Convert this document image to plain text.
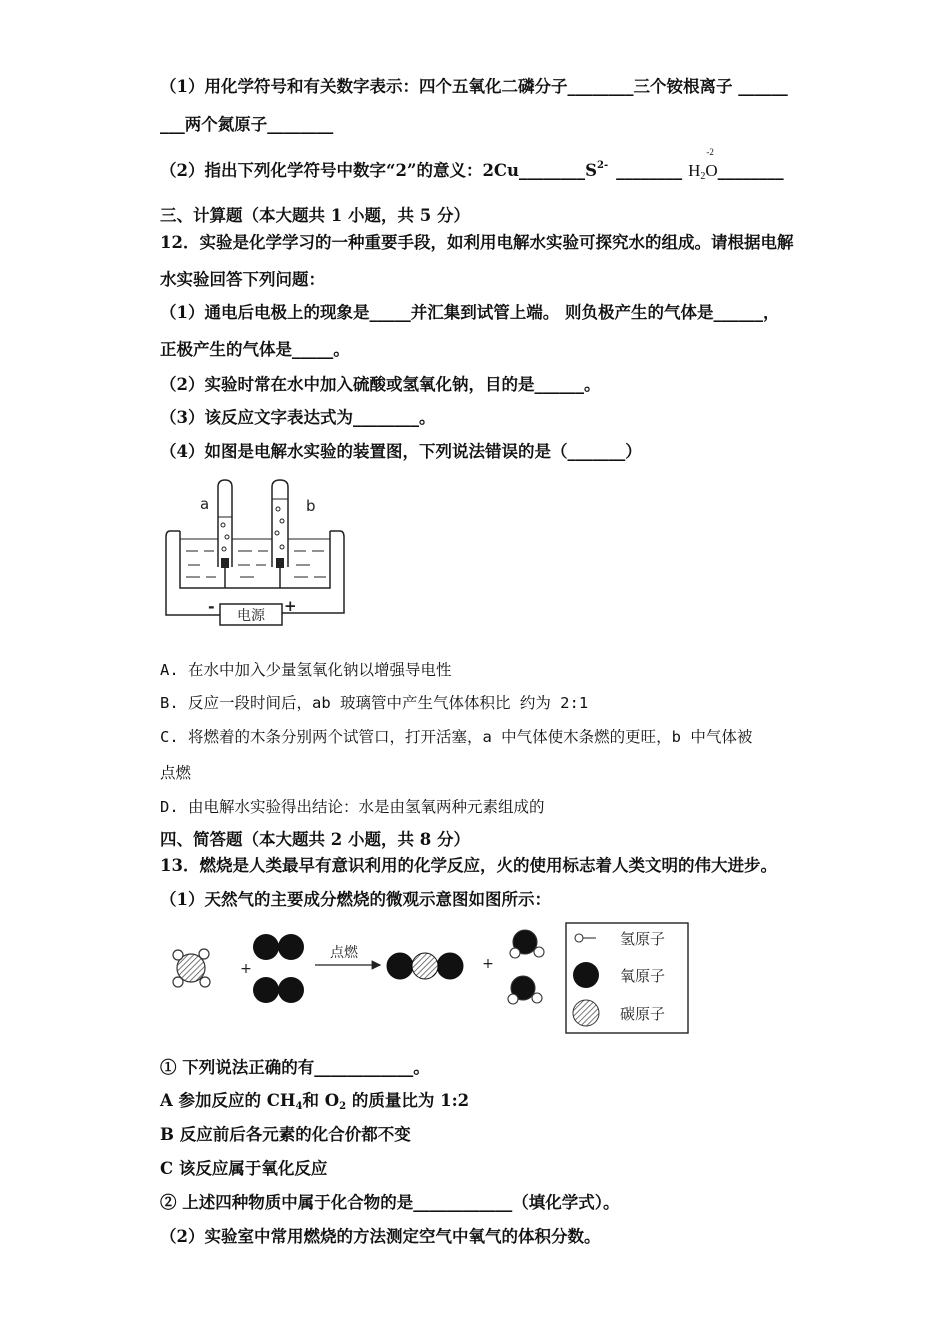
（1）用化学符号和有关数字表示：四个五氧化二磷分子________三个铵根离子 ______
___两个氮原子________
（2）指出下列化学符号中数字“2”的意义：$2Cu\_\_\_\_\_\_\_\_S^{2-}$ ________ $H_2$
-2
O________
三、计算题（本大题共 1 小题，共 5 分）
12．实验是化学学习的一种重要手段，如利用电解水实验可探究水的组成。请根据电解
水实验回答下列问题：
（1）通电后电极上的现象是_____并汇集到试管上端。 则负极产生的气体是______，
正极产生的气体是_____。
（2）实验时常在水中加入硫酸或氢氧化钠，目的是______。
（3）该反应文字表达式为________。
（4）如图是电解水实验的装置图，下列说法错误的是（_______）
a	b
电源
-	+
A. 在水中加入少量氢氧化钠以增强导电性
B. 反应一段时间后，ab 玻璃管中产生气体体积比 约为 2:1
C. 将燃着的木条分别两个试管口，打开活塞，a 中气体使木条燃的更旺，b 中气体被
点燃
D. 由电解水实验得出结论：水是由氢氧两种元素组成的
四、简答题（本大题共 2 小题，共 8 分）
13．燃烧是人类最早有意识利用的化学反应，火的使用标志着人类文明的伟大进步。
（1）天然气的主要成分燃烧的微观示意图如图所示：
+
点燃
+
氢原子
氧原子
碳原子
① 下列说法正确的有____________。
A 参加反应的 $CH_4$和 $O_2$ 的质量比为 1:2
B 反应前后各元素的化合价都不变
C 该反应属于氧化反应
② 上述四种物质中属于化合物的是____________（填化学式）。
（2）实验室中常用燃烧的方法测定空气中氧气的体积分数。
